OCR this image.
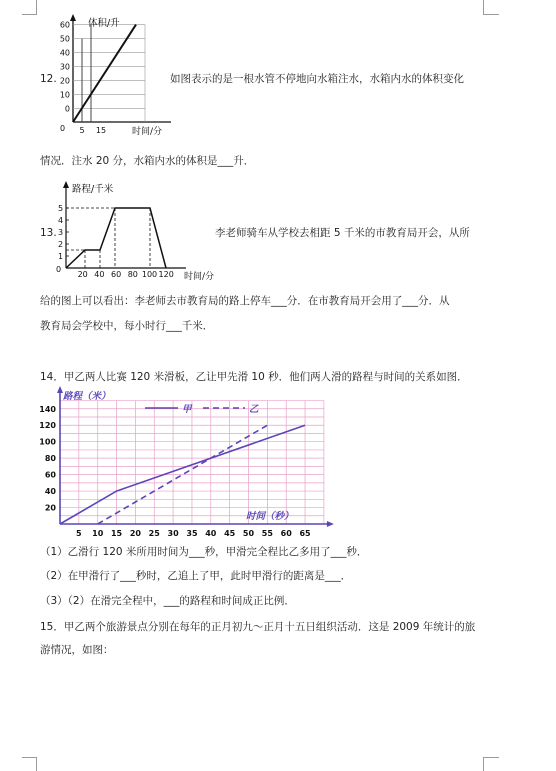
12.
体积/升
60
50
40
30
20
10
0
0 5 15	时间/分
如图表示的是一根水管不停地向水箱注水，水箱内水的体积变化
情况．注水 20 分，水箱内水的体积是___升．
13.
路程/千米
5
4
3
2
1
20 40 60 80 100 120
0
时间/分
李老师骑车从学校去相距 5 千米的市教育局开会，从所
给的图上可以看出：李老师去市教育局的路上停车___分．在市教育局开会用了___分．从
教育局会学校中，每小时行___千米．
14．甲乙两人比赛 120 米滑板，乙让甲先滑 10 秒．他们两人滑的路程与时间的关系如图．
140
120
100
80
60
40
20
5 10 15 20 25 30 35 40 45 50 55 60 65
甲	乙
路程（米）
时间（秒）
（1）乙滑行 120 米所用时间为___秒，甲滑完全程比乙多用了___秒．
（2）在甲滑行了___秒时，乙追上了甲，此时甲滑行的距离是___．
（3）（2）在滑完全程中，___的路程和时间成正比例．
15．甲乙两个旅游景点分别在每年的正月初九～正月十五日组织活动．这是 2009 年统计的旅
游情况，如图：
